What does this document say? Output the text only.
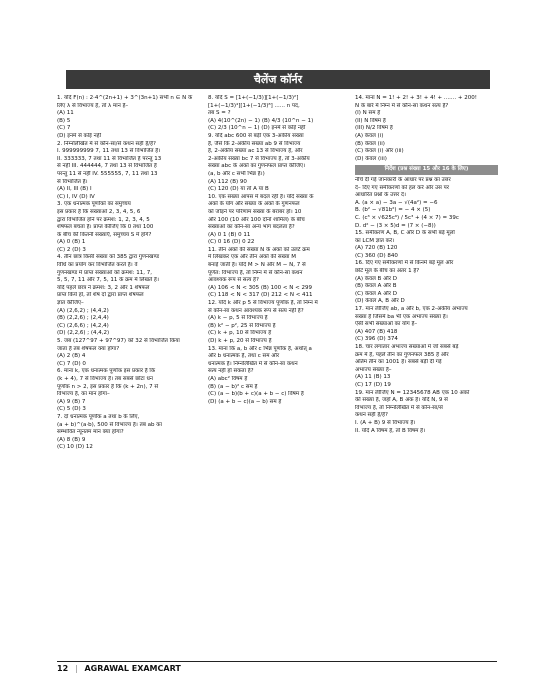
चैलेंज कॉर्नर
1. यदि F(n) : 2·4^(2n+1) + 3^(3n+1) सभी n ∈ N के
लिए λ से विभाज्य है, तो λ मान है–
(A) 11
(B) 5
(C) 7
(D) इनमें से कोई नहीं
2. निम्नलिखित में से कौन-सा/से कथन सही है/हैं?
I. 999999999 7, 11 तथा 13 से विभाजित है।
II. 333333, 7 तथा 11 से विभाजित है परन्तु 13
से नहीं III. 444444, 7 तथा 13 से विभाजित है
परन्तु 11 से नहीं IV. 555555, 7, 11 तथा 13
से विभाजित है।
(A) II, III (B) I
(C) I, IV (D) IV
3. एक धनात्मक पूर्णांकों का समुच्चय
इस प्रकार है कि संख्याओं 2, 3, 4, 5, 6
द्वारा विभाजित होने पर क्रमश: 1, 2, 3, 4, 5
शेषफल बचता है। प्राप्त कीजिए कि 0 तथा 100
के बीच की कितनी संख्याएँ, समुच्चय S में होंगे?
(A) 0 (B) 1
(C) 2 (D) 3
4. तीन छात्र किसी संख्या को 385 द्वारा गुणनखण्ड
विधि का प्रयोग कर विभाजित करते हैं। वे
गुणनखण्ड में प्राप्त संख्याओं को क्रमश: 11, 7,
5, 5, 7, 11 और 7, 5, 11 के क्रम में लिखते हैं।
यदि पहले छात्र ने क्रमश: 3, 2 और 1 शेषफल
प्राप्त किये हों, तो शेष दो द्वारा प्राप्त शेषफल
ज्ञात कीजिए–
(A) (2,6,2) ; (4,4,2)
(B) (2,2,6) ; (2,4,4)
(C) (2,6,6) ; (4,2,4)
(D) (2,2,6) ; (4,4,2)
5. जब (127^97 + 97^97) को 32 से विभाजित किया
जाता है तब शेषफल क्या होगा?
(A) 2 (B) 4
(C) 7 (D) 0
6. माना k, एक धनात्मक पूर्णांक इस प्रकार है कि
(k + 4), 7 से विभाज्य है। तब सबसे छोटा धन
पूर्णांक n > 2, इस प्रकार है कि (k + 2n), 7 से
विभाज्य है, का मान होगा–
(A) 9 (B) 7
(C) 5 (D) 3
7. दो धनात्मक पूर्णांक a तथा b के लिए,
(a + b)^(a·b), 500 से विभाज्य है। तब ab का
सम्भावित न्यूनतम मान क्या होगा?
(A) 8 (B) 9
(C) 10 (D) 12
8. यदि S = [1+(−1/3)][1+(−1/3)²]
[1+(−1/3)⁴][1+(−1/3)⁸] ...... n पद,
तब S = ?
(A) 4(10^(2n) − 1) (B) 4/3 (10^n − 1)
(C) 2/3 (10^n − 1) (D) इनमें से कोई नहीं
9. यदि abc 600 से बड़ी एक 3-अंकीय संख्या
है, जैसे कि 2-अंकीय संख्या ab 9 से विभाज्य
है, 2-अंकीय संख्या ac 13 से विभाज्य है, और
2-अंकीय संख्या bc 7 से विभाज्य है, तो 3-अंकीय
संख्या abc के अंकों का गुणनफल प्राप्त कीजिए।
(a, b और c सभी भिन्न हैं।)
(A) 112 (B) 90
(C) 120 (D) या तो A या B
10. एक संख्या आपस में बदल रही है। यदि संख्या के
अंकों के योग और संख्या के अंकों के गुणनफल
को जोड़ने पर परिणाम संख्या के बराबर हो। 10
और 100 (10 और 100 दोनों शामिल) के बीच
संख्याओं का कौन-सा अन्य भाग बदलता है?
(A) 0 1 (B) 0 11
(C) 0 16 (D) 0 22
11. तीन अंकों की संख्या N के अंकों को उलटे क्रम
में लिखकर एक और तीन अंकों की संख्या M
बनाई जाती है। यदि M > N और M − N, 7 से
पूर्णत: विभाज्य है, तो निम्न में से कौन-सा कथन
आवश्यक रूप से सत्य है?
(A) 106 < N < 305 (B) 100 < N < 299
(C) 118 < N < 317 (D) 212 < N < 411
12. यदि k और p 5 से विभाज्य पूर्णांक हैं, तो निम्न में
से कौन-सा कथन आवश्यक रूप से सत्य नहीं है?
(A) k − p, 5 से विभाज्य है
(B) k² − p², 25 से विभाज्य है
(C) k + p, 10 से विभाज्य है
(D) k + p, 20 से विभाज्य है
13. माना कि a, b और c भिन्न पूर्णांक है, अर्थात् a
और b धनात्मक हैं, तथा c सम और
धनात्मक है। निम्नलिखित में से कौन-सा कथन
सत्य नहीं हो सकता है?
(A) abc² विषम है
(B) (a − b)² c सम है
(C) (a − b)(b + c)(a + b − c) विषम है
(D) (a + b − c)(a − b) सम है
14. माना N = 1! + 2! + 3! + 4! + ....... + 200!
N के बारे में निम्न में से कौन-सा कथन सत्य है?
(I) N सम है
(II) N विषम है
(III) N/2 विषम है
(A) केवल (i)
(B) केवल (ii)
(C) केवल (i) और (iii)
(D) केवल (iii)
निर्देश (प्रश्न संख्या 15 और 16 के लिए)
नीचे दी गई जानकारी के आधार पर प्रश्न का उत्तर
दें– दिए गए समीकरणों को हल करें और उस पर
आधारित प्रश्नों के उत्तर दें।
A. (a × a) − 3a − √(4a²) = −6
B. (b² − √81b²) = − 4 × (5)
C. (c³ × √625c⁶) / 5c³ + (4 × 7) = 39c
D. d² − (3 × 5)d = (7 × (−8))
15. समीकरण A, B, C और D के सभी बड़े मूलों
का LCM ज्ञात करें।
(A) 720 (B) 120
(C) 360 (D) 840
16. दिए गए समीकरणों में से किनमें बड़े मूल और
छोटे मूल के बीच का अंतर 1 है?
(A) केवल B और D
(B) केवल A और B
(C) केवल A और D
(D) केवल A, B और D
17. मान लीजिए ab, a और b, एक 2-अंकीय अभाज्य
संख्या है जिसमें ba भी एक अभाज्य संख्या है।
ऐसी सभी संख्याओं का योग है–
(A) 407 (B) 418
(C) 396 (D) 374
18. चार लगातार अभाज्य संख्याओं में जो सबसे बड़े
क्रम में है, पहले तीन का गुणनफल 385 है और
अंतिम तीन का 1001 है। सबसे बड़ी दी गई
अभाज्य संख्या है–
(A) 11 (B) 13
(C) 17 (D) 19
19. मान लीजिए N = 12345678 AB एक 10 अंकों
की संख्या है, जहाँ A, B अंक हैं। यदि N, 9 से
विभाज्य है, तो निम्नलिखित में से कौन-सा/से
कथन सही है/हैं?
I. (A + B) 9 से विभाज्य है।
II. यदि A विषम है, तो B विषम है।
12 | AGRAWAL EXAMCART
